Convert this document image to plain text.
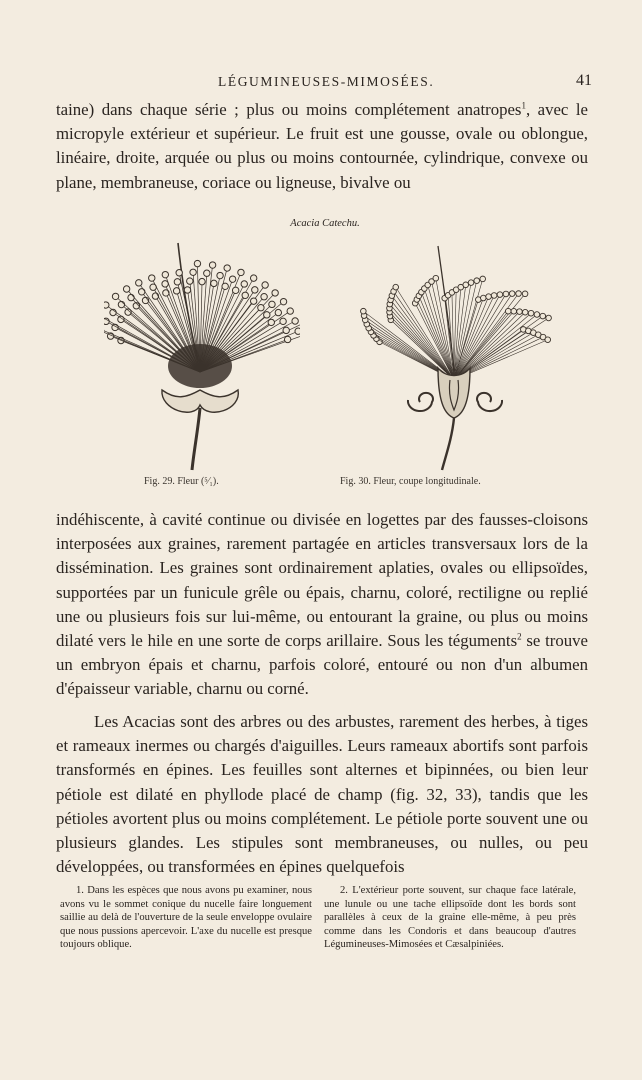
LÉGUMINEUSES-MIMOSÉES.	41

taine) dans chaque série ; plus ou moins complétement anatropes$^1$, avec le micropyle extérieur et supérieur. Le fruit est une gousse, ovale ou oblongue, linéaire, droite, arquée ou plus ou moins contournée, cylindrique, convexe ou plane, membraneuse, coriace ou ligneuse, bivalve ou

Acacia Catechu.
Fig. 29. Fleur (⁵⁄₁).	Fig. 30. Fleur, coupe longitudinale.

indéhiscente, à cavité continue ou divisée en logettes par des fausses-cloisons interposées aux graines, rarement partagée en articles transversaux lors de la dissémination. Les graines sont ordinairement aplaties, ovales ou ellipsoïdes, supportées par un funicule grêle ou épais, charnu, coloré, rectiligne ou replié une ou plusieurs fois sur lui-même, ou entourant la graine, ou plus ou moins dilaté vers le hile en une sorte de corps arillaire. Sous les téguments$^2$ se trouve un embryon épais et charnu, parfois coloré, entouré ou non d'un albumen d'épaisseur variable, charnu ou corné.

Les Acacias sont des arbres ou des arbustes, rarement des herbes, à tiges et rameaux inermes ou chargés d'aiguilles. Leurs rameaux abortifs sont parfois transformés en épines. Les feuilles sont alternes et bipinnées, ou bien leur pétiole est dilaté en phyllode placé de champ (fig. 32, 33), tandis que les pétioles avortent plus ou moins complétement. Le pétiole porte souvent une ou plusieurs glandes. Les stipules sont membraneuses, ou nulles, ou peu développées, ou transformées en épines quelquefois

1. Dans les espèces que nous avons pu examiner, nous avons vu le sommet conique du nucelle faire longuement saillie au delà de l'ouverture de la seule enveloppe ovulaire que nous pussions apercevoir. L'axe du nucelle est presque toujours oblique.

2. L'extérieur porte souvent, sur chaque face latérale, une lunule ou une tache ellipsoïde dont les bords sont parallèles à ceux de la graine elle-même, à peu près comme dans les Condoris et dans beaucoup d'autres Légumineuses-Mimosées et Cæsalpiniées.
